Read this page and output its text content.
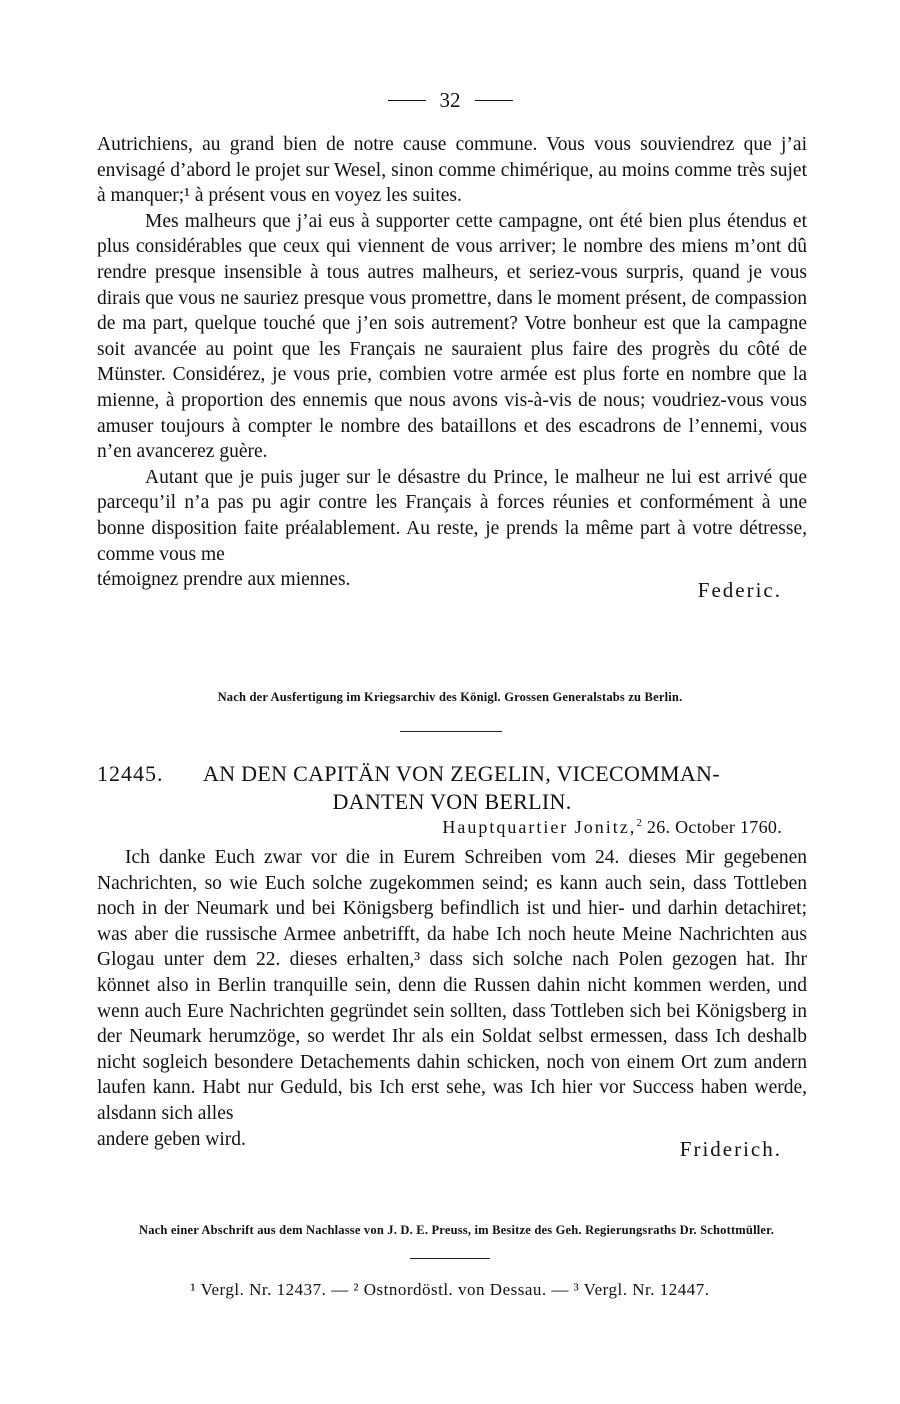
32

Autrichiens, au grand bien de notre cause commune. Vous vous souviendrez que j’ai envisagé d’abord le projet sur Wesel, sinon comme chimérique, au moins comme très sujet à manquer;¹ à présent vous en voyez les suites.

Mes malheurs que j’ai eus à supporter cette campagne, ont été bien plus étendus et plus considérables que ceux qui viennent de vous arriver; le nombre des miens m’ont dû rendre presque insensible à tous autres malheurs, et seriez-vous surpris, quand je vous dirais que vous ne sauriez presque vous promettre, dans le moment présent, de compassion de ma part, quelque touché que j’en sois autrement? Votre bonheur est que la campagne soit avancée au point que les Français ne sauraient plus faire des progrès du côté de Münster. Considérez, je vous prie, combien votre armée est plus forte en nombre que la mienne, à proportion des ennemis que nous avons vis-à-vis de nous; voudriez-vous vous amuser toujours à compter le nombre des bataillons et des escadrons de l’ennemi, vous n’en avancerez guère.

Autant que je puis juger sur le désastre du Prince, le malheur ne lui est arrivé que parcequ’il n’a pas pu agir contre les Français à forces réunies et conformément à une bonne disposition faite préalablement. Au reste, je prends la même part à votre détresse, comme vous me

témoignez prendre aux miennes.	Federic.
Nach der Ausfertigung im Kriegsarchiv des Königl. Grossen Generalstabs zu Berlin.
12445. AN DEN CAPITÄN VON ZEGELIN, VICECOMMAN-
DANTEN VON BERLIN.
Hauptquartier Jonitz,$^2$ 26. October 1760.

Ich danke Euch zwar vor die in Eurem Schreiben vom 24. dieses Mir gegebenen Nachrichten, so wie Euch solche zugekommen seind; es kann auch sein, dass Tottleben noch in der Neumark und bei Königsberg befindlich ist und hier- und darhin detachiret; was aber die russische Armee anbetrifft, da habe Ich noch heute Meine Nachrichten aus Glogau unter dem 22. dieses erhalten,³ dass sich solche nach Polen gezogen hat. Ihr könnet also in Berlin tranquille sein, denn die Russen dahin nicht kommen werden, und wenn auch Eure Nachrichten gegründet sein sollten, dass Tottleben sich bei Königsberg in der Neumark herumzöge, so werdet Ihr als ein Soldat selbst ermessen, dass Ich deshalb nicht sogleich besondere Detachements dahin schicken, noch von einem Ort zum andern laufen kann. Habt nur Geduld, bis Ich erst sehe, was Ich hier vor Success haben werde, alsdann sich alles

andere geben wird.	Friderich.
Nach einer Abschrift aus dem Nachlasse von J. D. E. Preuss, im Besitze des Geh. Regierungsraths Dr. Schottmüller.
¹ Vergl. Nr. 12437. — ² Ostnordöstl. von Dessau. — ³ Vergl. Nr. 12447.
